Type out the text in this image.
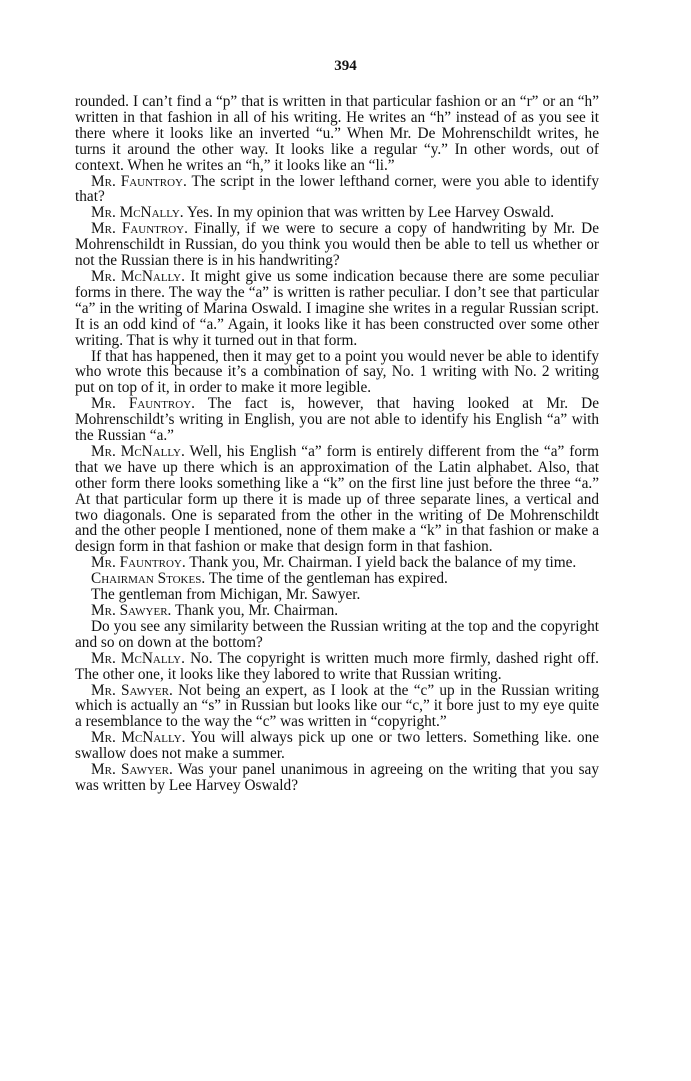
394

rounded. I can’t find a “p” that is written in that particular fashion or an “r” or an “h” written in that fashion in all of his writing. He writes an “h” instead of as you see it there where it looks like an inverted “u.” When Mr. De Mohrenschildt writes, he turns it around the other way. It looks like a regular “y.” In other words, out of context. When he writes an “h,” it looks like an “li.”

Mr. Fauntroy. The script in the lower lefthand corner, were you able to identify that?

Mr. McNally. Yes. In my opinion that was written by Lee Harvey Oswald.

Mr. Fauntroy. Finally, if we were to secure a copy of handwriting by Mr. De Mohrenschildt in Russian, do you think you would then be able to tell us whether or not the Russian there is in his handwriting?

Mr. McNally. It might give us some indication because there are some peculiar forms in there. The way the “a” is written is rather peculiar. I don’t see that particular “a” in the writing of Marina Oswald. I imagine she writes in a regular Russian script. It is an odd kind of “a.” Again, it looks like it has been constructed over some other writing. That is why it turned out in that form.

If that has happened, then it may get to a point you would never be able to identify who wrote this because it’s a combination of say, No. 1 writing with No. 2 writing put on top of it, in order to make it more legible.

Mr. Fauntroy. The fact is, however, that having looked at Mr. De Mohrenschildt’s writing in English, you are not able to identify his English “a” with the Russian “a.”

Mr. McNally. Well, his English “a” form is entirely different from the “a” form that we have up there which is an approximation of the Latin alphabet. Also, that other form there looks something like a “k” on the first line just before the three “a.” At that particular form up there it is made up of three separate lines, a vertical and two diagonals. One is separated from the other in the writing of De Mohrenschildt and the other people I mentioned, none of them make a “k” in that fashion or make a design form in that fashion or make that design form in that fashion.

Mr. Fauntroy. Thank you, Mr. Chairman. I yield back the balance of my time.

Chairman Stokes. The time of the gentleman has expired.

The gentleman from Michigan, Mr. Sawyer.

Mr. Sawyer. Thank you, Mr. Chairman.

Do you see any similarity between the Russian writing at the top and the copyright and so on down at the bottom?

Mr. McNally. No. The copyright is written much more firmly, dashed right off. The other one, it looks like they labored to write that Russian writing.

Mr. Sawyer. Not being an expert, as I look at the “c” up in the Russian writing which is actually an “s” in Russian but looks like our “c,” it bore just to my eye quite a resemblance to the way the “c” was written in “copyright.”

Mr. McNally. You will always pick up one or two letters. Something like. one swallow does not make a summer.

Mr. Sawyer. Was your panel unanimous in agreeing on the writing that you say was written by Lee Harvey Oswald?
